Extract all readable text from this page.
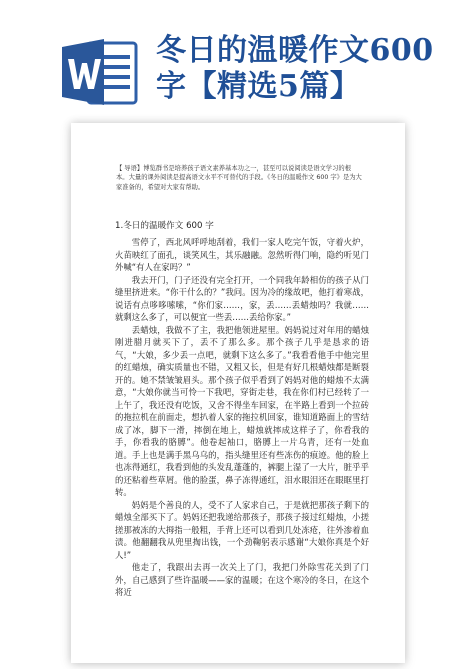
冬日的温暖作文600字【精选5篇】

【 导语】博览群书是培养孩子语文素养基本功之一，甚至可以说阅读是语文学习的根本。大量的课外阅读是提高语文水平不可替代的手段。《冬日的温暖作文 600 字》是为大家准备的，希望对大家有帮助。

1.冬日的温暖作文 600 字

雪停了，西北风呼呼地刮着，我们一家人吃完午饭，守着火炉，火苗映红了面孔，谈笑风生，其乐融融。忽然听得门响，隐约听见门外喊“有人在家吗？”

我去开门，门子还没有完全打开，一个同我年龄相仿的孩子从门缝里挤进来。“你干什么的？”我问。因为冷的缘故吧，他打着寒战，说话有点哆哆嗦嗦，“你们家……，家，丢……丢蜡烛吗？我就……就剩这么多了，可以便宜一些丢……丢给你家。”

丢蜡烛，我做不了主，我把他领进屋里。妈妈说过对年用的蜡烛刚进腊月就买下了，丢不了那么多。那个孩子几乎是恳求的语气，“大娘，多少丢一点吧，就剩下这么多了。”我看看他手中他完里的红蜡烛，确实质量也不错，又粗又长，但是有好几根蜡烛都是断裂开的。她不禁皱皱眉头。那个孩子似乎看到了妈妈对他的蜡烛不太满意，“大娘你就当可怜一下我吧，穿街走巷，我在你们村已经转了一上午了，我还没有吃饭，又舍不得坐车回家，在半路上看到一个拉砖的拖拉机在前面走，想扒着人家的拖拉机回家，谁知道路面上的雪结成了冰，脚下一滑，摔倒在地上，蜡烛就摔成这样子了，你看我的手，你看我的胳膊”。他卷起袖口，胳膊上一片乌青，还有一处血道。手上也是满手黑乌乌的，指头缝里还有些冻伤的痕迹。他的脸上也冻得通红，我看到他的头发乱蓬蓬的，裤腿上湿了一大片，脏乎乎的还粘着些草屑。他的脸蛋，鼻子冻得通红，泪水眼泪还在眼眶里打转。

妈妈是个善良的人，受不了人家求自己，于是就把那孩子剩下的蜡烛全部买下了。妈妈还把我递给那孩子，那孩子接过红蜡烛，小搓搓那被冻的大拇指一般粗，手背上还可以看到几处冻疮，往外渗着血渍。他翻翻我从兜里掏出钱，一个劲鞠躬表示感谢“大娘你真是个好人!”

他走了，我跟出去再一次关上了门，我把门外除雪花关到了门外，自己感到了些许温暖——家的温暖；在这个寒冷的冬日，在这个将近
